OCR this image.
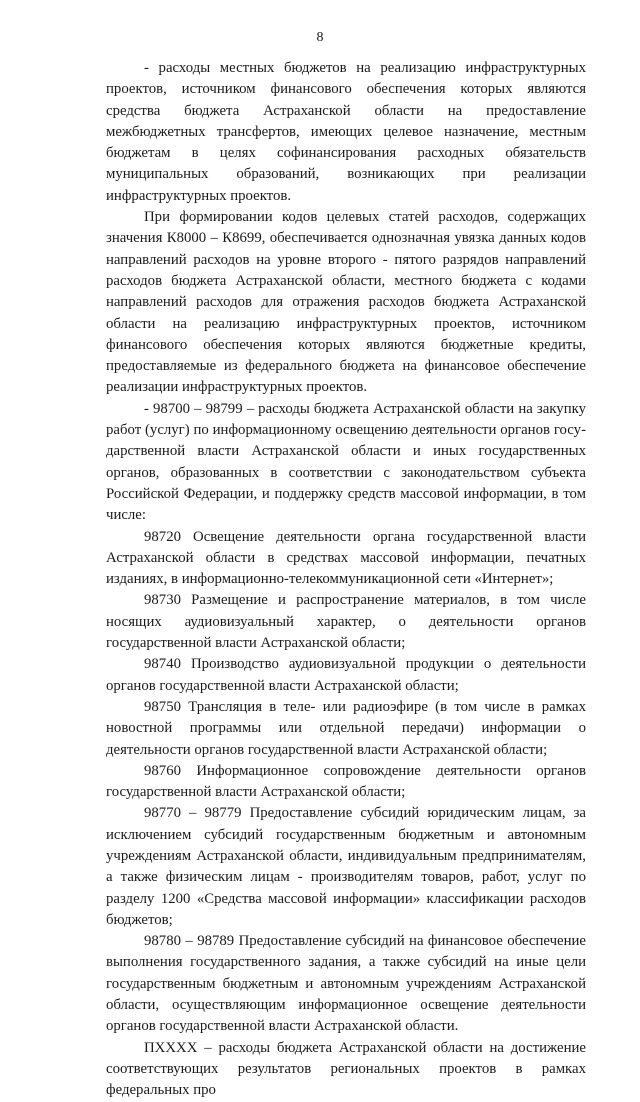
8

- расходы местных бюджетов на реализацию инфраструктурных проектов, источником финансового обеспечения которых являются средства бюджета Астраханской области на предоставление межбюджетных трансфертов, имеющих целевое назначение, местным бюджетам в целях софинансирования расходных обязательств муниципальных образований, возникающих при реализации инфраструктурных проектов.

При формировании кодов целевых статей расходов, содержащих значения К8000 – К8699, обеспечивается однозначная увязка данных кодов направлений расходов на уровне второго - пятого разрядов направлений расходов бюджета Астраханской области, местного бюджета с кодами направлений расходов для отражения расходов бюджета Астраханской области на реализацию инфраструктурных проектов, источником финансового обеспечения которых являются бюджетные кредиты, предоставляемые из федерального бюджета на финансовое обеспечение реализации инфраструктурных проектов.

- 98700 – 98799 – расходы бюджета Астраханской области на закупку работ (услуг) по информационному освещению деятельности органов государственной власти Астраханской области и иных государственных органов, образованных в соответствии с законодательством субъекта Российской Федерации, и поддержку средств массовой информации, в том числе:

98720 Освещение деятельности органа государственной власти Астраханской области в средствах массовой информации, печатных изданиях, в информационно-телекоммуникационной сети «Интернет»;

98730 Размещение и распространение материалов, в том числе носящих аудиовизуальный характер, о деятельности органов государственной власти Астраханской области;

98740 Производство аудиовизуальной продукции о деятельности органов государственной власти Астраханской области;

98750 Трансляция в теле- или радиоэфире (в том числе в рамках новостной программы или отдельной передачи) информации о деятельности органов государственной власти Астраханской области;

98760 Информационное сопровождение деятельности органов государственной власти Астраханской области;

98770 – 98779 Предоставление субсидий юридическим лицам, за исключением субсидий государственным бюджетным и автономным учреждениям Астраханской области, индивидуальным предпринимателям, а также физическим лицам - производителям товаров, работ, услуг по разделу 1200 «Средства массовой информации» классификации расходов бюджетов;

98780 – 98789 Предоставление субсидий на финансовое обеспечение выполнения государственного задания, а также субсидий на иные цели государственным бюджетным и автономным учреждениям Астраханской области, осуществляющим информационное освещение деятельности органов государственной власти Астраханской области.

ПХХХХ – расходы бюджета Астраханской области на достижение соответствующих результатов региональных проектов в рамках федеральных про
